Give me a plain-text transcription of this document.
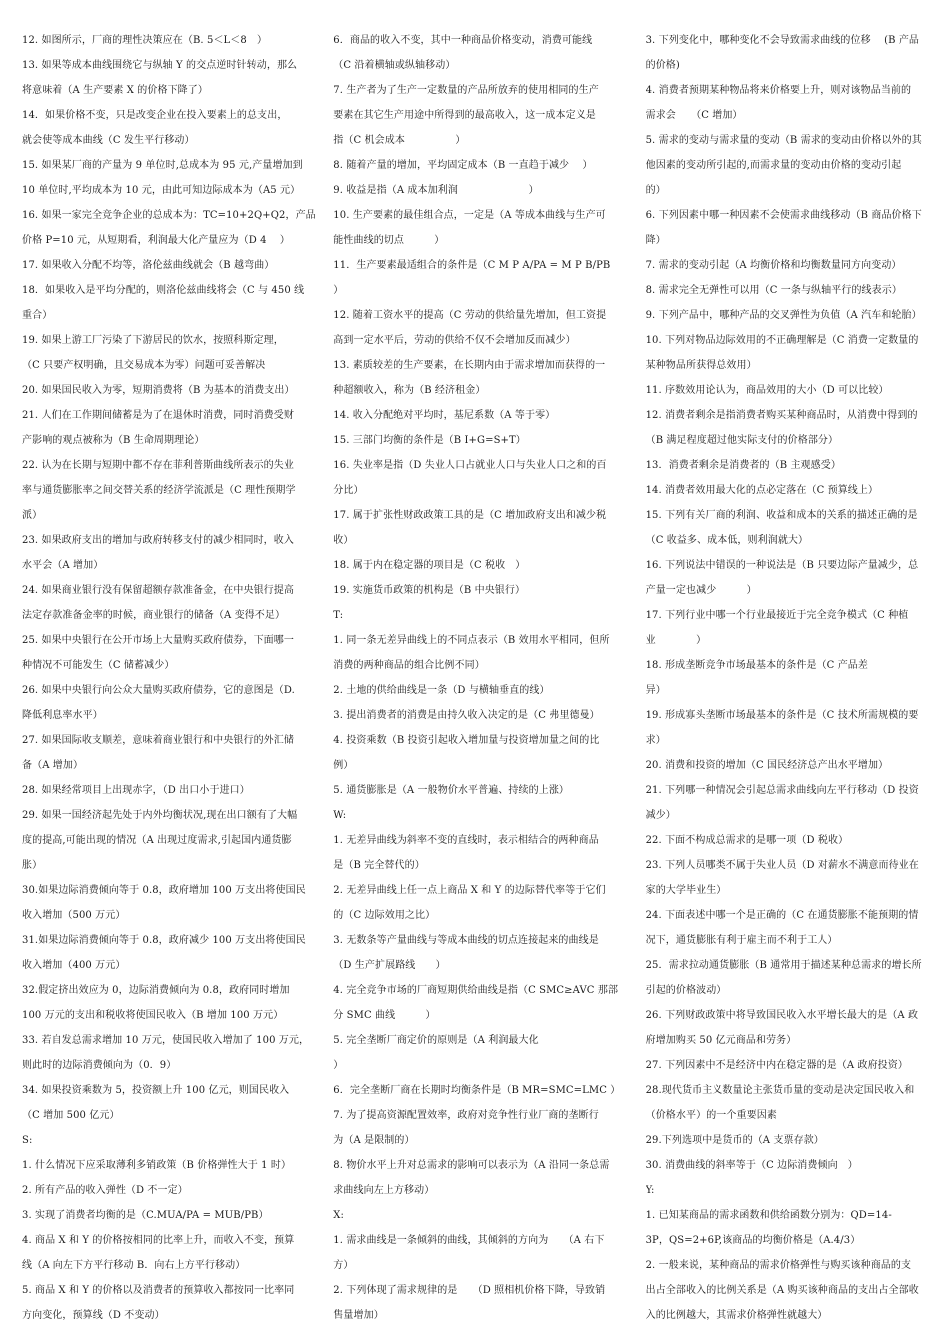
12. 如图所示，厂商的理性决策应在（B. 5＜L＜8　）
13. 如果等成本曲线围绕它与纵轴 Y 的交点逆时针转动，那么
将意味着（A 生产要素 X 的价格下降了）
14．如果价格不变，只是改变企业在投入要素上的总支出，
就会使等成本曲线（C 发生平行移动）
15. 如果某厂商的产量为 9 单位时,总成本为 95 元,产量增加到
10 单位时,平均成本为 10 元，由此可知边际成本为（A5 元）
16. 如果一家完全竞争企业的总成本为：TC=10+2Q+Q2，产品
价格 P=10 元，从短期看，利润最大化产量应为（D 4　 ）
17. 如果收入分配不均等，洛伦兹曲线就会（B 越弯曲）
18．如果收入是平均分配的，则洛伦兹曲线将会（C 与 450 线
重合）
19. 如果上游工厂污染了下游居民的饮水，按照科斯定理，
（C 只要产权明确，且交易成本为零）问题可妥善解决
20. 如果国民收入为零，短期消费将（B 为基本的消费支出）
21. 人们在工作期间储蓄是为了在退休时消费，同时消费受财
产影响的观点被称为（B 生命周期理论）
22. 认为在长期与短期中都不存在菲利普斯曲线所表示的失业
率与通货膨胀率之间交替关系的经济学流派是（C 理性预期学
派）
23. 如果政府支出的增加与政府转移支付的减少相同时，收入
水平会（A 增加）
24. 如果商业银行没有保留超额存款准备金，在中央银行提高
法定存款准备金率的时候，商业银行的储备（A 变得不足）
25. 如果中央银行在公开市场上大量购买政府债券，下面哪一
种情况不可能发生（C 储蓄减少）
26. 如果中央银行向公众大量购买政府债券，它的意图是（D.
降低利息率水平）
27. 如果国际收支顺差，意味着商业银行和中央银行的外汇储
备（A 增加）
28. 如果经常项目上出现赤字，（D 出口小于进口）
29. 如果一国经济起先处于内外均衡状况,现在出口额有了大幅
度的提高,可能出现的情况（A 出现过度需求,引起国内通货膨
胀）
30.如果边际消费倾向等于 0.8，政府增加 100 万支出将使国民
收入增加（500 万元）
31.如果边际消费倾向等于 0.8，政府减少 100 万支出将使国民
收入增加（400 万元）
32.假定挤出效应为 0，边际消费倾向为 0.8，政府同时增加
100 万元的支出和税收将使国民收入（B 增加 100 万元）
33. 若自发总需求增加 10 万元，使国民收入增加了 100 万元，
则此时的边际消费倾向为（0．9）
34. 如果投资乘数为 5，投资额上升 100 亿元，则国民收入
（C 增加 500 亿元）
S:
1. 什么情况下应采取薄利多销政策（B 价格弹性大于 1 时）
2. 所有产品的收入弹性（D 不一定）
3. 实现了消费者均衡的是（C.MUA/PA = MUB/PB）
4. 商品 X 和 Y 的价格按相同的比率上升，而收入不变，预算
线（A 向左下方平行移动 B．向右上方平行移动）
5. 商品 X 和 Y 的价格以及消费者的预算收入都按同一比率同
方向变化，预算线（D 不变动）
6．商品的收入不变，其中一种商品价格变动，消费可能线
（C 沿着横轴或纵轴移动）
7. 生产者为了生产一定数量的产品所放弃的使用相同的生产
要素在其它生产用途中所得到的最高收入，这一成本定义是
指（C 机会成本　　　　　）
8. 随着产量的增加，平均固定成本（B 一直趋于减少　 ）
9. 收益是指（A 成本加利润　　　　　　　）
10. 生产要素的最佳组合点，一定是（A 等成本曲线与生产可
能性曲线的切点　　　）
11．生产要素最适组合的条件是（C M P A/PA = M P B/PB
）
12. 随着工资水平的提高（C 劳动的供给量先增加，但工资提
高到一定水平后，劳动的供给不仅不会增加反而减少）
13. 素质较差的生产要素，在长期内由于需求增加而获得的一
种超额收入，称为（B 经济租金）
14. 收入分配绝对平均时，基尼系数（A 等于零）
15. 三部门均衡的条件是（B I+G=S+T）
16. 失业率是指（D 失业人口占就业人口与失业人口之和的百
分比）
17. 属于扩张性财政政策工具的是（C 增加政府支出和减少税
收）
18. 属于内在稳定器的项目是（C 税收　）
19. 实施货币政策的机构是（B 中央银行）
T:
1. 同一条无差异曲线上的不同点表示（B 效用水平相同，但所
消费的两种商品的组合比例不同）
2. 土地的供给曲线是一条（D 与横轴垂直的线）
3. 提出消费者的消费是由持久收入决定的是（C 弗里德曼）
4. 投资乘数（B 投资引起收入增加量与投资增加量之间的比
例）
5. 通货膨胀是（A 一般物价水平普遍、持续的上涨）
W:
1. 无差异曲线为斜率不变的直线时，表示相结合的两种商品
是（B 完全替代的）
2. 无差异曲线上任一点上商品 X 和 Y 的边际替代率等于它们
的（C 边际效用之比）
3. 无数条等产量曲线与等成本曲线的切点连接起来的曲线是
（D 生产扩展路线　　）
4. 完全竞争市场的厂商短期供给曲线是指（C SMC≥AVC 那部
分 SMC 曲线　　　）
5. 完全垄断厂商定价的原则是（A 利润最大化
）
6．完全垄断厂商在长期时均衡条件是（B MR=SMC=LMC ）
7. 为了提高资源配置效率，政府对竞争性行业厂商的垄断行
为（A 是限制的）
8. 物价水平上升对总需求的影响可以表示为（A 沿同一条总需
求曲线向左上方移动）
X:
1. 需求曲线是一条倾斜的曲线，其倾斜的方向为　　（A 右下
方）
2. 下列体现了需求规律的是　　（D 照相机价格下降，导致销
售量增加）
3. 下列变化中，哪种变化不会导致需求曲线的位移　 (B 产品
的价格)
4. 消费者预期某种物品将来价格要上升，则对该物品当前的
需求会　　（C 增加）
5. 需求的变动与需求量的变动（B 需求的变动由价格以外的其
他因素的变动所引起的,而需求量的变动由价格的变动引起
的）
6. 下列因素中哪一种因素不会使需求曲线移动（B 商品价格下
降）
7. 需求的变动引起（A 均衡价格和均衡数量同方向变动）
8. 需求完全无弹性可以用（C 一条与纵轴平行的线表示）
9. 下列产品中，哪种产品的交叉弹性为负值（A 汽车和轮胎）
10. 下列对物品边际效用的不正确理解是（C 消费一定数量的
某种物品所获得总效用）
11. 序数效用论认为，商品效用的大小（D 可以比较）
12. 消费者剩余是指消费者购买某种商品时，从消费中得到的
（B 满足程度超过他实际支付的价格部分）
13．消费者剩余是消费者的（B 主观感受）
14. 消费者效用最大化的点必定落在（C 预算线上）
15. 下列有关厂商的利润、收益和成本的关系的描述正确的是
（C 收益多、成本低，则利润就大）
16. 下列说法中错误的一种说法是（B 只要边际产量减少，总
产量一定也减少　　　）
17. 下列行业中哪一个行业最接近于完全竞争模式（C 种植
业　　　　）
18. 形成垄断竞争市场最基本的条件是（C 产品差
异）
19. 形成寡头垄断市场最基本的条件是（C 技术所需规模的要
求）
20. 消费和投资的增加（C 国民经济总产出水平增加）
21. 下列哪一种情况会引起总需求曲线向左平行移动（D 投资
减少）
22. 下面不构成总需求的是哪一项（D 税收）
23. 下列人员哪类不属于失业人员（D 对薪水不满意而待业在
家的大学毕业生）
24. 下面表述中哪一个是正确的（C 在通货膨胀不能预期的情
况下，通货膨胀有利于雇主而不利于工人）
25．需求拉动通货膨胀（B 通常用于描述某种总需求的增长所
引起的价格波动）
26. 下列财政政策中将导致国民收入水平增长最大的是（A 政
府增加购买 50 亿元商品和劳务）
27. 下列因素中不是经济中内在稳定器的是（A 政府投资）
28.现代货币主义数量论主张货币量的变动是决定国民收入和
（价格水平）的一个重要因素
29.下列选项中是货币的（A 支票存款）
30. 消费曲线的斜率等于（C 边际消费倾向　）
Y:
1. 已知某商品的需求函数和供给函数分别为：QD=14-
3P，QS=2+6P,该商品的均衡价格是（A.4/3）
2. 一般来说，某种商品的需求价格弹性与购买该种商品的支
出占全部收入的比例关系是（A 购买该种商品的支出占全部收
入的比例越大，其需求价格弹性就越大）
